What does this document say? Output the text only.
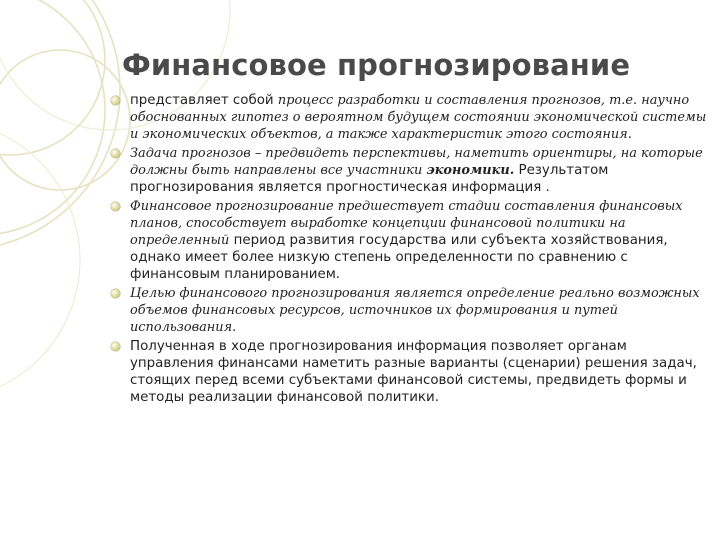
Финансовое прогнозирование
представляет собой процесс разработки и составления прогнозов, т.е. научно обоснованных гипотез о вероятном будущем состоянии экономической системы и экономических объектов, а также характеристик этого состояния.
Задача прогнозов – предвидеть перспективы, наметить ориентиры, на которые должны быть направлены все участники экономики. Результатом прогнозирования является прогностическая информация .
Финансовое прогнозирование предшествует стадии составления финансовых планов, способствует выработке концепции финансовой политики на определенный период развития государства или субъекта хозяйствования, однако имеет более низкую степень определенности по сравнению с финансовым планированием.
Целью финансового прогнозирования является определение реально возможных объемов финансовых ресурсов, источников их формирования и путей использования.
Полученная в ходе прогнозирования информация позволяет органам управления финансами наметить разные варианты (сценарии) решения задач, стоящих перед всеми субъектами финансовой системы, предвидеть формы и методы реализации финансовой политики.
